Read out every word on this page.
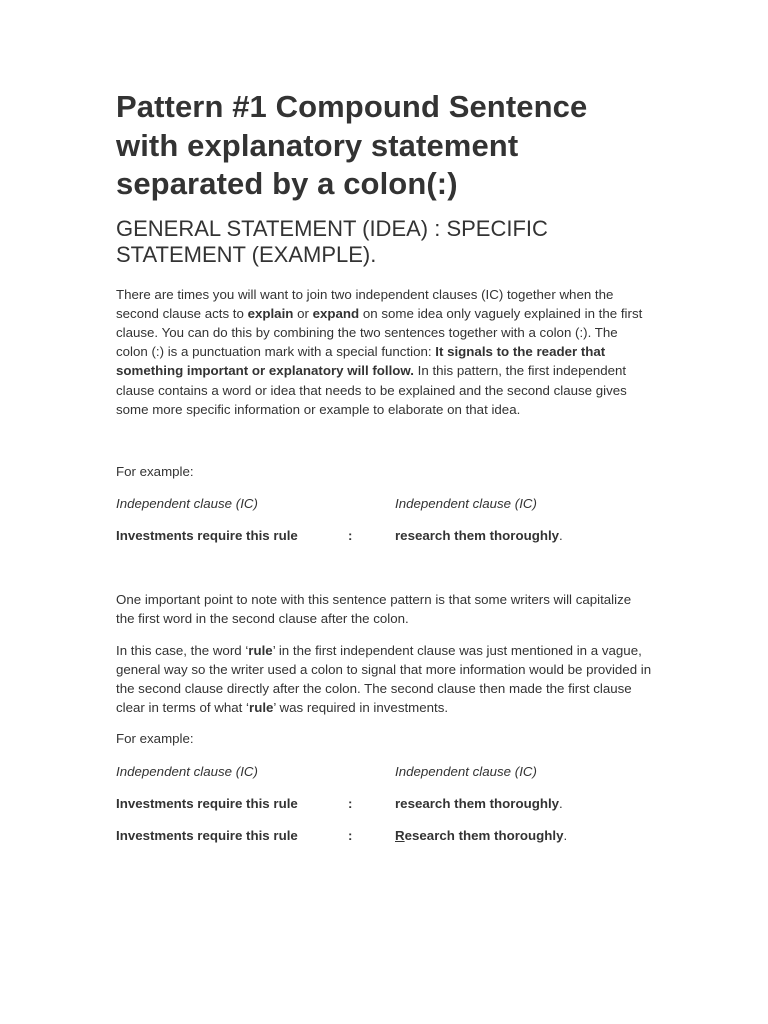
Pattern #1 Compound Sentence
with explanatory statement
separated by a colon(:)
GENERAL STATEMENT (IDEA) : SPECIFIC
STATEMENT (EXAMPLE).

There are times you will want to join two independent clauses (IC) together when the second clause acts to explain or expand on some idea only vaguely explained in the first clause. You can do this by combining the two sentences together with a colon (:). The colon (:) is a punctuation mark with a special function: It signals to the reader that something important or explanatory will follow. In this pattern, the first independent clause contains a word or idea that needs to be explained and the second clause gives some more specific information or example to elaborate on that idea.

For example:

Independent clause (IC)	Independent clause (IC)
Investments require this rule	:	research them thoroughly.

One important point to note with this sentence pattern is that some writers will capitalize the first word in the second clause after the colon.

In this case, the word ‘rule’ in the first independent clause was just mentioned in a vague, general way so the writer used a colon to signal that more information would be provided in the second clause directly after the colon. The second clause then made the first clause clear in terms of what ‘rule’ was required in investments.

For example:

Independent clause (IC)	Independent clause (IC)
Investments require this rule	:	research them thoroughly.
Investments require this rule	:	Research them thoroughly.
